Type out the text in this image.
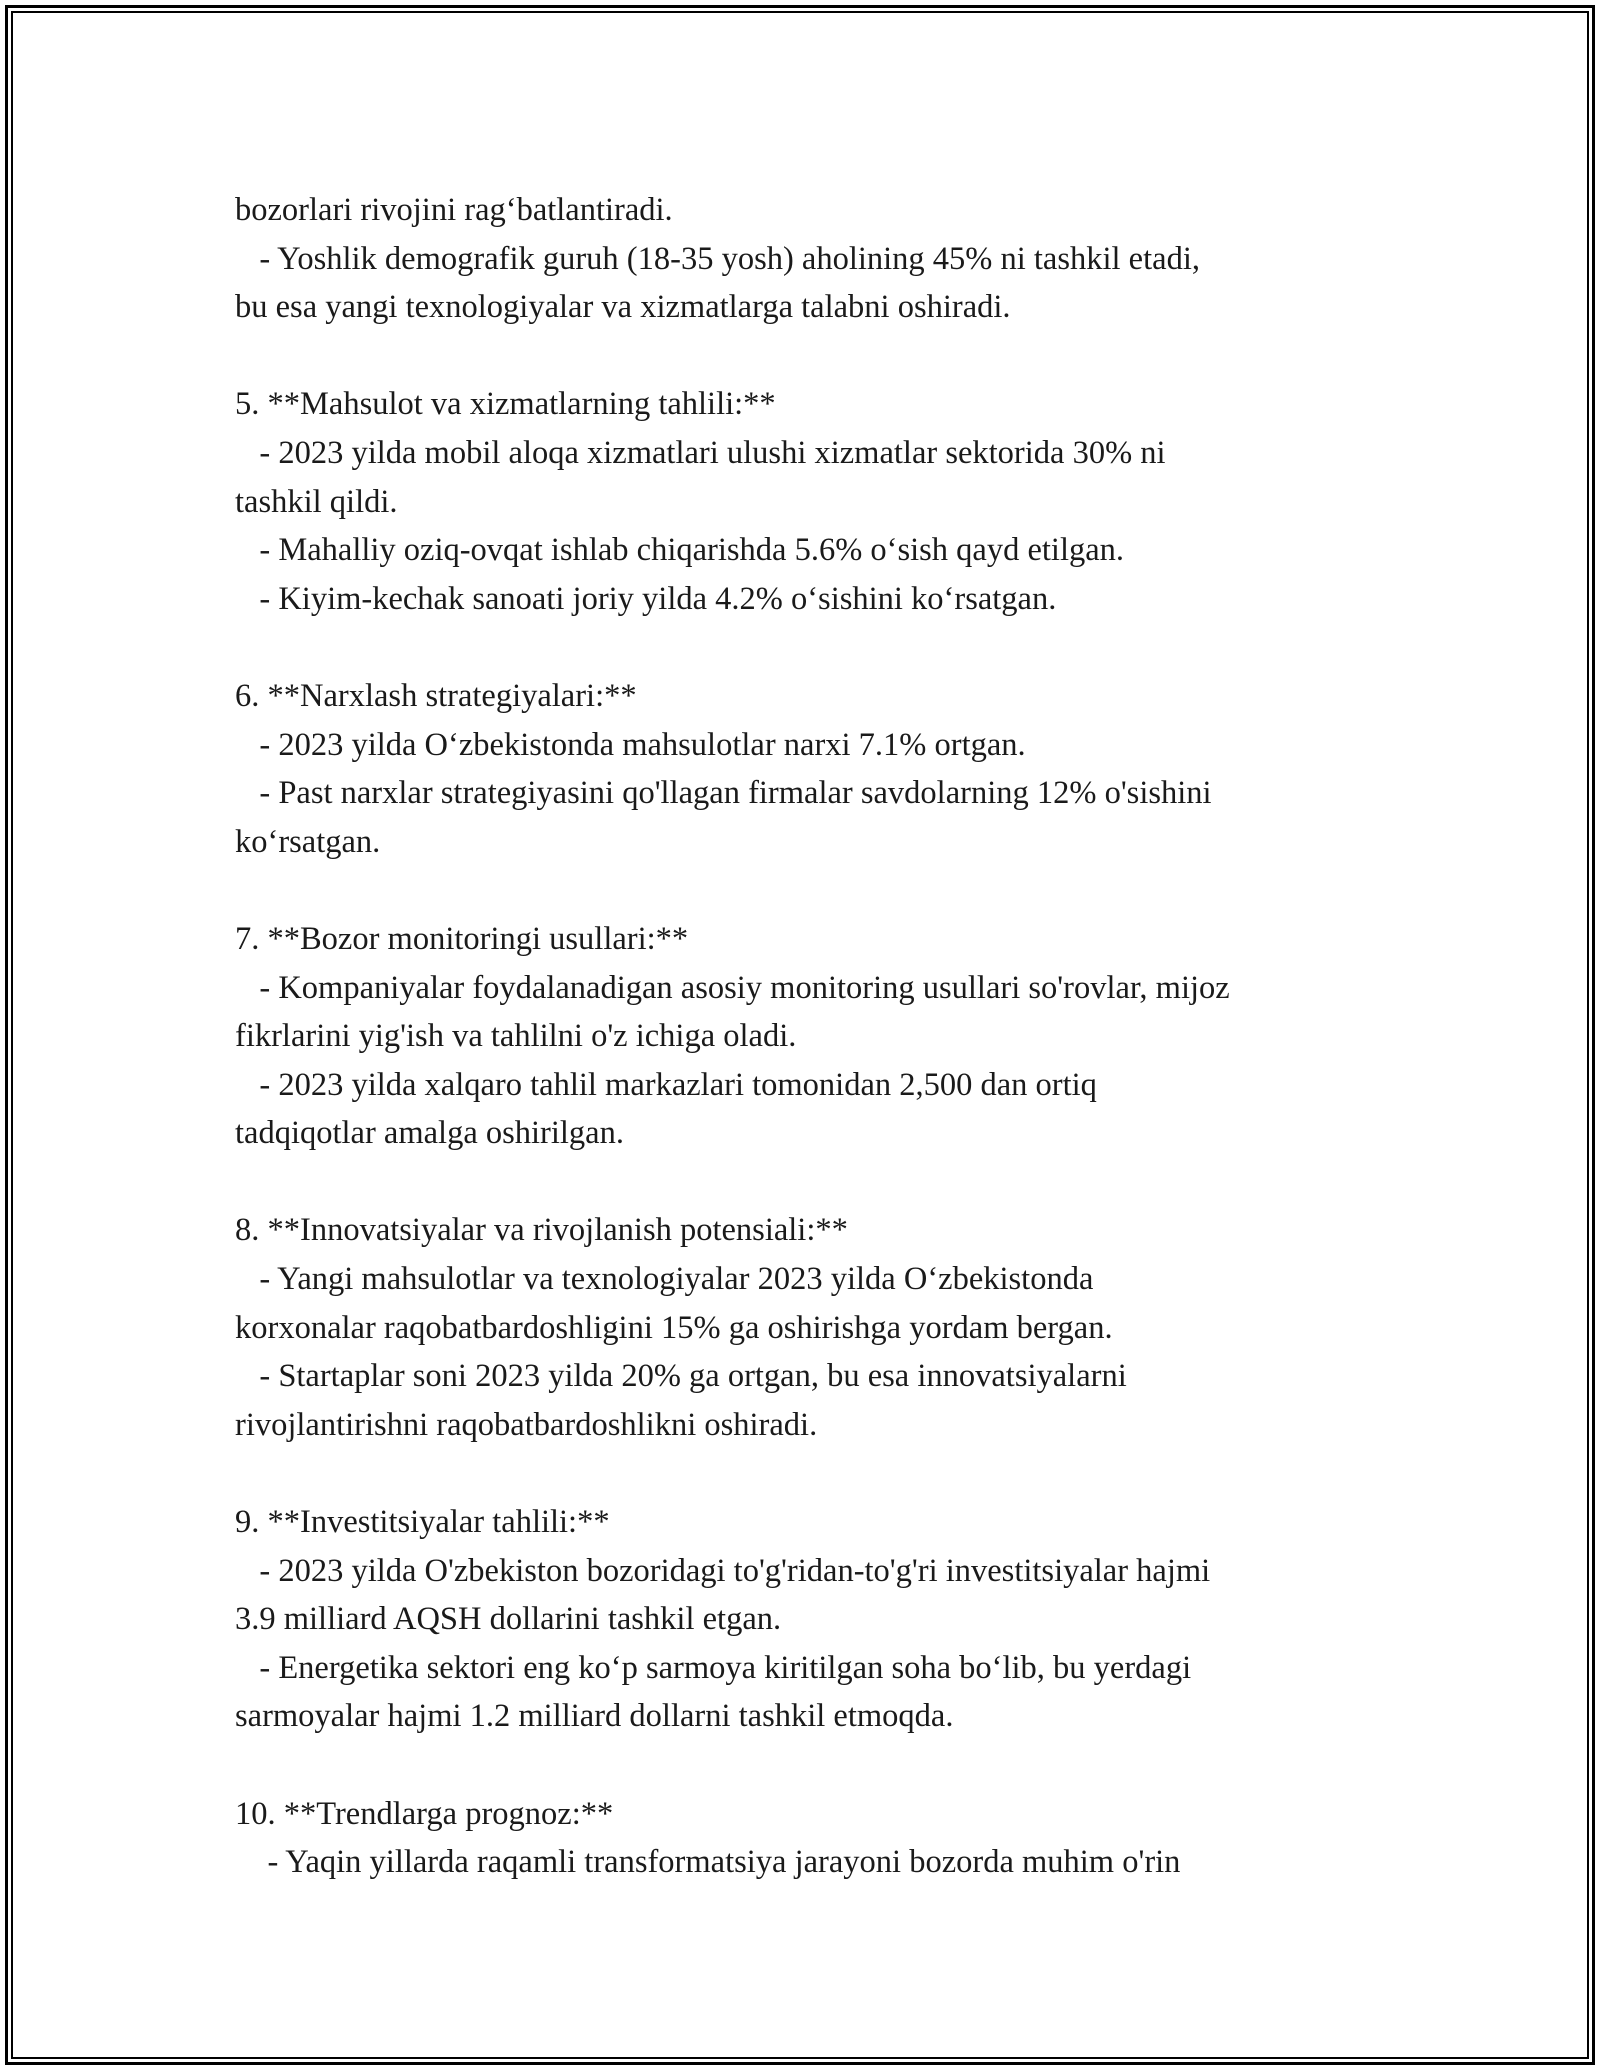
bozorlari rivojini rag‘batlantiradi.
- Yoshlik demografik guruh (18-35 yosh) aholining 45% ni tashkil etadi,
bu esa yangi texnologiyalar va xizmatlarga talabni oshiradi.
5. **Mahsulot va xizmatlarning tahlili:**
- 2023 yilda mobil aloqa xizmatlari ulushi xizmatlar sektorida 30% ni
tashkil qildi.
- Mahalliy oziq-ovqat ishlab chiqarishda 5.6% o‘sish qayd etilgan.
- Kiyim-kechak sanoati joriy yilda 4.2% o‘sishini ko‘rsatgan.
6. **Narxlash strategiyalari:**
- 2023 yilda O‘zbekistonda mahsulotlar narxi 7.1% ortgan.
- Past narxlar strategiyasini qo'llagan firmalar savdolarning 12% o'sishini
ko‘rsatgan.
7. **Bozor monitoringi usullari:**
- Kompaniyalar foydalanadigan asosiy monitoring usullari so'rovlar, mijoz
fikrlarini yig'ish va tahlilni o'z ichiga oladi.
- 2023 yilda xalqaro tahlil markazlari tomonidan 2,500 dan ortiq
tadqiqotlar amalga oshirilgan.
8. **Innovatsiyalar va rivojlanish potensiali:**
- Yangi mahsulotlar va texnologiyalar 2023 yilda O‘zbekistonda
korxonalar raqobatbardoshligini 15% ga oshirishga yordam bergan.
- Startaplar soni 2023 yilda 20% ga ortgan, bu esa innovatsiyalarni
rivojlantirishni raqobatbardoshlikni oshiradi.
9. **Investitsiyalar tahlili:**
- 2023 yilda O'zbekiston bozoridagi to'g'ridan-to'g'ri investitsiyalar hajmi
3.9 milliard AQSH dollarini tashkil etgan.
- Energetika sektori eng ko‘p sarmoya kiritilgan soha bo‘lib, bu yerdagi
sarmoyalar hajmi 1.2 milliard dollarni tashkil etmoqda.
10. **Trendlarga prognoz:**
- Yaqin yillarda raqamli transformatsiya jarayoni bozorda muhim o'rin
